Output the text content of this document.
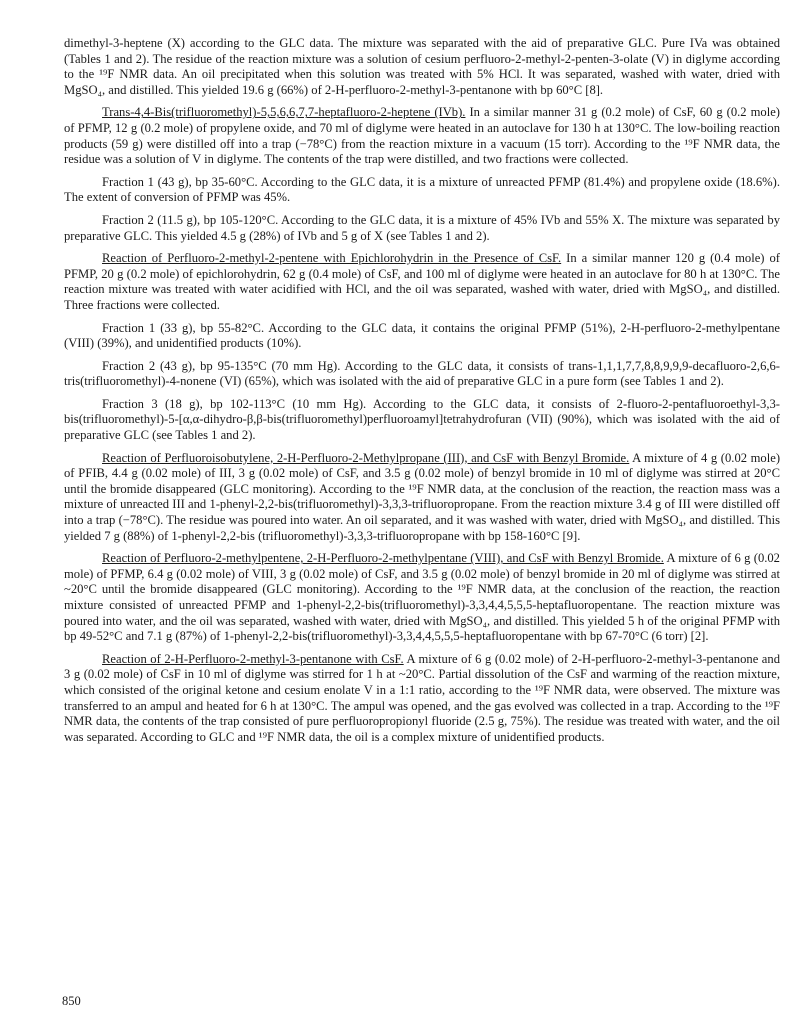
dimethyl-3-heptene (X) according to the GLC data. The mixture was separated with the aid of preparative GLC. Pure IVa was obtained (Tables 1 and 2). The residue of the reaction mixture was a solution of cesium perfluoro-2-methyl-2-penten-3-olate (V) in diglyme according to the ¹⁹F NMR data. An oil precipitated when this solution was treated with 5% HCl. It was separated, washed with water, dried with MgSO₄, and distilled. This yielded 19.6 g (66%) of 2-H-perfluoro-2-methyl-3-pentanone with bp 60°C [8].

Trans-4,4-Bis(trifluoromethyl)-5,5,6,6,7,7-heptafluoro-2-heptene (IVb). In a similar manner 31 g (0.2 mole) of CsF, 60 g (0.2 mole) of PFMP, 12 g (0.2 mole) of propylene oxide, and 70 ml of diglyme were heated in an autoclave for 130 h at 130°C. The low-boiling reaction products (59 g) were distilled off into a trap (−78°C) from the reaction mixture in a vacuum (15 torr). According to the ¹⁹F NMR data, the residue was a solution of V in diglyme. The contents of the trap were distilled, and two fractions were collected.

Fraction 1 (43 g), bp 35-60°C. According to the GLC data, it is a mixture of unreacted PFMP (81.4%) and propylene oxide (18.6%). The extent of conversion of PFMP was 45%.

Fraction 2 (11.5 g), bp 105-120°C. According to the GLC data, it is a mixture of 45% IVb and 55% X. The mixture was separated by preparative GLC. This yielded 4.5 g (28%) of IVb and 5 g of X (see Tables 1 and 2).

Reaction of Perfluoro-2-methyl-2-pentene with Epichlorohydrin in the Presence of CsF. In a similar manner 120 g (0.4 mole) of PFMP, 20 g (0.2 mole) of epichlorohydrin, 62 g (0.4 mole) of CsF, and 100 ml of diglyme were heated in an autoclave for 80 h at 130°C. The reaction mixture was treated with water acidified with HCl, and the oil was separated, washed with water, dried with MgSO₄, and distilled. Three fractions were collected.

Fraction 1 (33 g), bp 55-82°C. According to the GLC data, it contains the original PFMP (51%), 2-H-perfluoro-2-methylpentane (VIII) (39%), and unidentified products (10%).

Fraction 2 (43 g), bp 95-135°C (70 mm Hg). According to the GLC data, it consists of trans-1,1,1,7,7,8,8,9,9,9-decafluoro-2,6,6-tris(trifluoromethyl)-4-nonene (VI) (65%), which was isolated with the aid of preparative GLC in a pure form (see Tables 1 and 2).

Fraction 3 (18 g), bp 102-113°C (10 mm Hg). According to the GLC data, it consists of 2-fluoro-2-pentafluoroethyl-3,3-bis(trifluoromethyl)-5-[α,α-dihydro-β,β-bis(trifluoromethyl)perfluoroamyl]tetrahydrofuran (VII) (90%), which was isolated with the aid of preparative GLC (see Tables 1 and 2).

Reaction of Perfluoroisobutylene, 2-H-Perfluoro-2-Methylpropane (III), and CsF with Benzyl Bromide. A mixture of 4 g (0.02 mole) of PFIB, 4.4 g (0.02 mole) of III, 3 g (0.02 mole) of CsF, and 3.5 g (0.02 mole) of benzyl bromide in 10 ml of diglyme was stirred at 20°C until the bromide disappeared (GLC monitoring). According to the ¹⁹F NMR data, at the conclusion of the reaction, the reaction mass was a mixture of unreacted III and 1-phenyl-2,2-bis(trifluoromethyl)-3,3,3-trifluoropropane. From the reaction mixture 3.4 g of III were distilled off into a trap (−78°C). The residue was poured into water. An oil separated, and it was washed with water, dried with MgSO₄, and distilled. This yielded 7 g (88%) of 1-phenyl-2,2-bis (trifluoromethyl)-3,3,3-trifluoropropane with bp 158-160°C [9].

Reaction of Perfluoro-2-methylpentene, 2-H-Perfluoro-2-methylpentane (VIII), and CsF with Benzyl Bromide. A mixture of 6 g (0.02 mole) of PFMP, 6.4 g (0.02 mole) of VIII, 3 g (0.02 mole) of CsF, and 3.5 g (0.02 mole) of benzyl bromide in 20 ml of diglyme was stirred at ~20°C until the bromide disappeared (GLC monitoring). According to the ¹⁹F NMR data, at the conclusion of the reaction, the reaction mixture consisted of unreacted PFMP and 1-phenyl-2,2-bis(trifluoromethyl)-3,3,4,4,5,5,5-heptafluoropentane. The reaction mixture was poured into water, and the oil was separated, washed with water, dried with MgSO₄, and distilled. This yielded 5 h of the original PFMP with bp 49-52°C and 7.1 g (87%) of 1-phenyl-2,2-bis(trifluoromethyl)-3,3,4,4,5,5,5-heptafluoropentane with bp 67-70°C (6 torr) [2].

Reaction of 2-H-Perfluoro-2-methyl-3-pentanone with CsF. A mixture of 6 g (0.02 mole) of 2-H-perfluoro-2-methyl-3-pentanone and 3 g (0.02 mole) of CsF in 10 ml of diglyme was stirred for 1 h at ~20°C. Partial dissolution of the CsF and warming of the reaction mixture, which consisted of the original ketone and cesium enolate V in a 1:1 ratio, according to the ¹⁹F NMR data, were observed. The mixture was transferred to an ampul and heated for 6 h at 130°C. The ampul was opened, and the gas evolved was collected in a trap. According to the ¹⁹F NMR data, the contents of the trap consisted of pure perfluoropropionyl fluoride (2.5 g, 75%). The residue was treated with water, and the oil was separated. According to GLC and ¹⁹F NMR data, the oil is a complex mixture of unidentified products.

850
